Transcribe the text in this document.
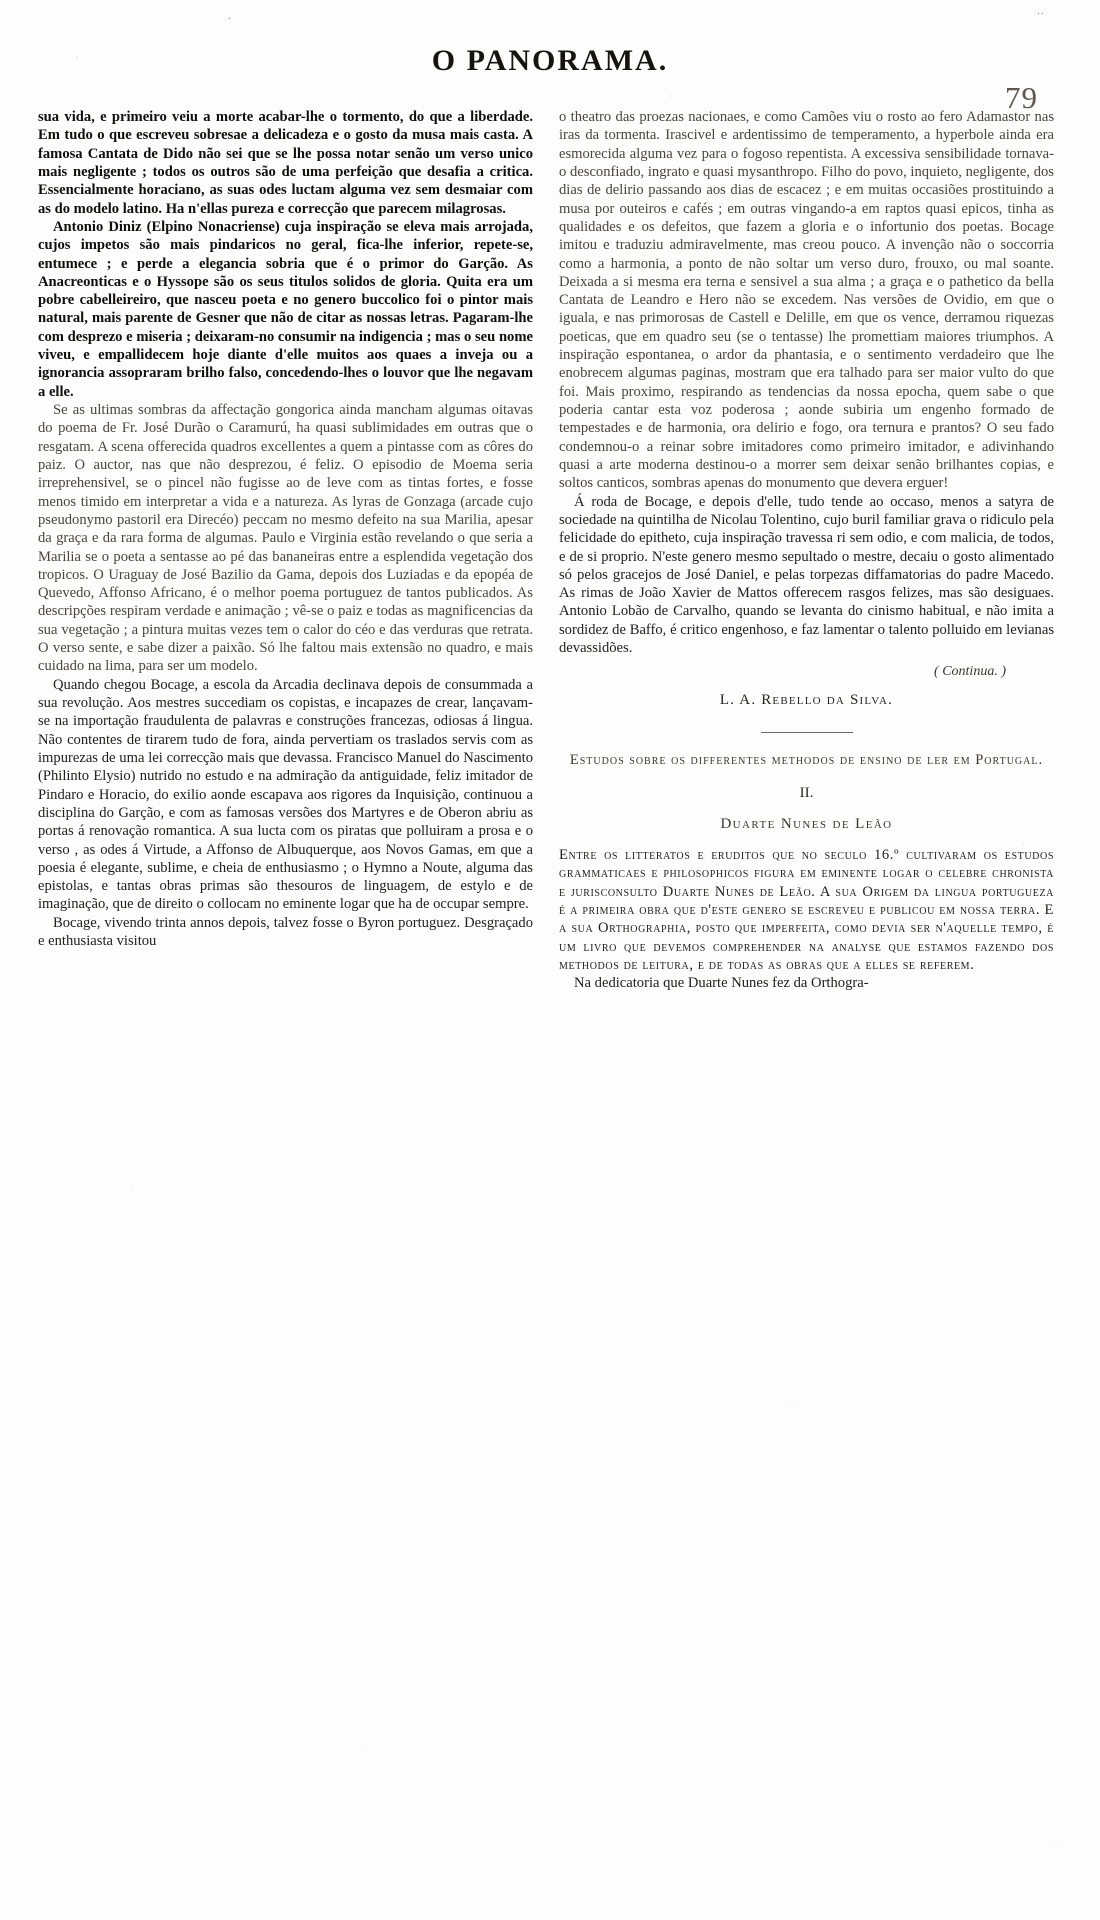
.	··
O PANORAMA.
79

sua vida, e primeiro veiu a morte acabar-lhe o tormento, do que a liberdade. Em tudo o que escreveu sobresae a delicadeza e o gosto da musa mais casta. A famosa Cantata de Dido não sei que se lhe possa notar senão um verso unico mais negligente ; todos os outros são de uma perfeição que desafia a critica. Essencialmente horaciano, as suas odes luctam alguma vez sem desmaiar com as do modelo latino. Ha n'ellas pureza e correcção que parecem milagrosas.

Antonio Diniz (Elpino Nonacriense) cuja inspiração se eleva mais arrojada, cujos impetos são mais pindaricos no geral, fica-lhe inferior, repete-se, entumece ; e perde a elegancia sobria que é o primor do Garção. As Anacreonticas e o Hyssope são os seus titulos solidos de gloria. Quita era um pobre cabelleireiro, que nasceu poeta e no genero buccolico foi o pintor mais natural, mais parente de Gesner que não de citar as nossas letras. Pagaram-lhe com desprezo e miseria ; deixaram-no consumir na indigencia ; mas o seu nome viveu, e empallidecem hoje diante d'elle muitos aos quaes a inveja ou a ignorancia assopraram brilho falso, concedendo-lhes o louvor que lhe negavam a elle.

Se as ultimas sombras da affectação gongorica ainda mancham algumas oitavas do poema de Fr. José Durão o Caramurú, ha quasi sublimidades em outras que o resgatam. A scena offerecida quadros excellentes a quem a pintasse com as côres do paiz. O auctor, nas que não desprezou, é feliz. O episodio de Moema seria irreprehensivel, se o pincel não fugisse ao de leve com as tintas fortes, e fosse menos timido em interpretar a vida e a natureza. As lyras de Gonzaga (arcade cujo pseudonymo pastoril era Direcéo) peccam no mesmo defeito na sua Marilia, apesar da graça e da rara forma de algumas. Paulo e Virginia estão revelando o que seria a Marilia se o poeta a sentasse ao pé das bananeiras entre a esplendida vegetação dos tropicos. O Uraguay de José Bazilio da Gama, depois dos Luziadas e da epopéa de Quevedo, Affonso Africano, é o melhor poema portuguez de tantos publicados. As descripções respiram verdade e animação ; vê-se o paiz e todas as magnificencias da sua vegetação ; a pintura muitas vezes tem o calor do céo e das verduras que retrata. O verso sente, e sabe dizer a paixão. Só lhe faltou mais extensão no quadro, e mais cuidado na lima, para ser um modelo.

Quando chegou Bocage, a escola da Arcadia declinava depois de consummada a sua revolução. Aos mestres succediam os copistas, e incapazes de crear, lançavam-se na importação fraudulenta de palavras e construções francezas, odiosas á lingua. Não contentes de tirarem tudo de fora, ainda pervertiam os traslados servis com as impurezas de uma lei correcção mais que devassa. Francisco Manuel do Nascimento (Philinto Elysio) nutrido no estudo e na admiração da antiguidade, feliz imitador de Pindaro e Horacio, do exilio aonde escapava aos rigores da Inquisição, continuou a disciplina do Garção, e com as famosas versões dos Martyres e de Oberon abriu as portas á renovação romantica. A sua lucta com os piratas que polluiram a prosa e o verso , as odes á Virtude, a Affonso de Albuquerque, aos Novos Gamas, em que a poesia é elegante, sublime, e cheia de enthusiasmo ; o Hymno a Noute, alguma das epistolas, e tantas obras primas são thesouros de linguagem, de estylo e de imaginação, que de direito o collocam no eminente logar que ha de occupar sempre.

Bocage, vivendo trinta annos depois, talvez fosse o Byron portuguez. Desgraçado e enthusiasta visitou

o theatro das proezas nacionaes, e como Camões viu o rosto ao fero Adamastor nas iras da tormenta. Irascivel e ardentissimo de temperamento, a hyperbole ainda era esmorecida alguma vez para o fogoso repentista. A excessiva sensibilidade tornava-o desconfiado, ingrato e quasi mysanthropo. Filho do povo, inquieto, negligente, dos dias de delirio passando aos dias de escacez ; e em muitas occasiões prostituindo a musa por outeiros e cafés ; em outras vingando-a em raptos quasi epicos, tinha as qualidades e os defeitos, que fazem a gloria e o infortunio dos poetas. Bocage imitou e traduziu admiravelmente, mas creou pouco. A invenção não o soccorria como a harmonia, a ponto de não soltar um verso duro, frouxo, ou mal soante. Deixada a si mesma era terna e sensivel a sua alma ; a graça e o pathetico da bella Cantata de Leandro e Hero não se excedem. Nas versões de Ovidio, em que o iguala, e nas primorosas de Castell e Delille, em que os vence, derramou riquezas poeticas, que em quadro seu (se o tentasse) lhe promettiam maiores triumphos. A inspiração espontanea, o ardor da phantasia, e o sentimento verdadeiro que lhe enobrecem algumas paginas, mostram que era talhado para ser maior vulto do que foi. Mais proximo, respirando as tendencias da nossa epocha, quem sabe o que poderia cantar esta voz poderosa ; aonde subiria um engenho formado de tempestades e de harmonia, ora delirio e fogo, ora ternura e prantos? O seu fado condemnou-o a reinar sobre imitadores como primeiro imitador, e adivinhando quasi a arte moderna destinou-o a morrer sem deixar senão brilhantes copias, e soltos canticos, sombras apenas do monumento que devera erguer!

Á roda de Bocage, e depois d'elle, tudo tende ao occaso, menos a satyra de sociedade na quintilha de Nicolau Tolentino, cujo buril familiar grava o ridiculo pela felicidade do epitheto, cuja inspiração travessa ri sem odio, e com malicia, de todos, e de si proprio. N'este genero mesmo sepultado o mestre, decaiu o gosto alimentado só pelos gracejos de José Daniel, e pelas torpezas diffamatorias do padre Macedo. As rimas de João Xavier de Mattos offerecem rasgos felizes, mas são desiguaes. Antonio Lobão de Carvalho, quando se levanta do cinismo habitual, e não imita a sordidez de Baffo, é critico engenhoso, e faz lamentar o talento polluido em levianas devassidões.

( Continua. )
L. A. Rebello da Silva.
Estudos sobre os differentes methodos de ensino de ler em Portugal.
II.
Duarte Nunes de Leão

Entre os litteratos e eruditos que no seculo 16.º cultivaram os estudos grammaticaes e philosophicos figura em eminente logar o celebre chronista e jurisconsulto Duarte Nunes de Leão. A sua Origem da lingua portugueza é a primeira obra que d'este genero se escreveu e publicou em nossa terra. E a sua Orthographia, posto que imperfeita, como devia ser n'aquelle tempo, é um livro que devemos comprehender na analyse que estamos fazendo dos methodos de leitura, e de todas as obras que a elles se referem.

Na dedicatoria que Duarte Nunes fez da Orthogra-
